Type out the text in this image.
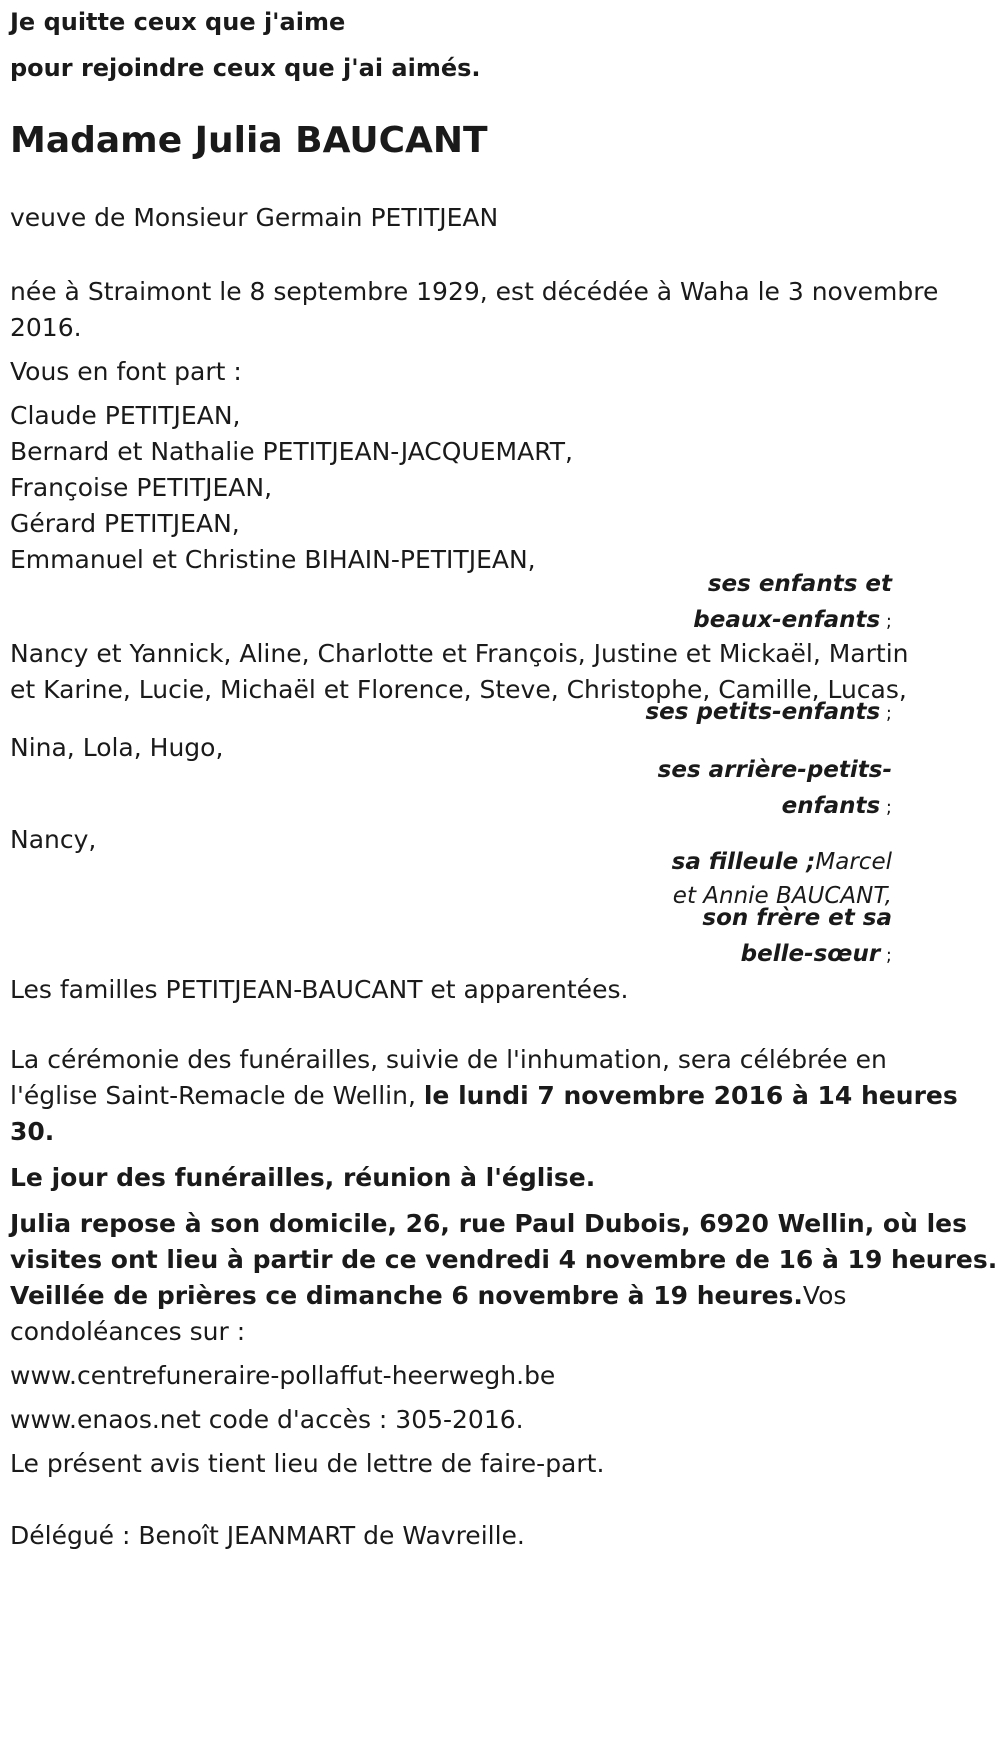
Je quitte ceux que j'aime
pour rejoindre ceux que j'ai aimés.
Madame Julia BAUCANT
veuve de Monsieur Germain PETITJEAN
née à Straimont le 8 septembre 1929, est décédée à Waha le 3 novembre
2016.
Vous en font part :
Claude PETITJEAN,
Bernard et Nathalie PETITJEAN-JACQUEMART,
Françoise PETITJEAN,
Gérard PETITJEAN,
Emmanuel et Christine BIHAIN-PETITJEAN,
ses enfants et
beaux-enfants ;
Nancy et Yannick, Aline, Charlotte et François, Justine et Mickaël, Martin
et Karine, Lucie, Michaël et Florence, Steve, Christophe, Camille, Lucas,
ses petits-enfants ;
Nina, Lola, Hugo,
ses arrière-petits-
enfants ;
Nancy,
sa filleule ;Marcel
et Annie BAUCANT,
son frère et sa
belle-sœur ;
Les familles PETITJEAN-BAUCANT et apparentées.
La cérémonie des funérailles, suivie de l'inhumation, sera célébrée en
l'église Saint-Remacle de Wellin, le lundi 7 novembre 2016 à 14 heures
30.
Le jour des funérailles, réunion à l'église.
Julia repose à son domicile, 26, rue Paul Dubois, 6920 Wellin, où les
visites ont lieu à partir de ce vendredi 4 novembre de 16 à 19 heures.
Veillée de prières ce dimanche 6 novembre à 19 heures.Vos
condoléances sur :
www.centrefuneraire-pollaffut-heerwegh.be
www.enaos.net code d'accès : 305-2016.
Le présent avis tient lieu de lettre de faire-part.
Délégué : Benoît JEANMART de Wavreille.
